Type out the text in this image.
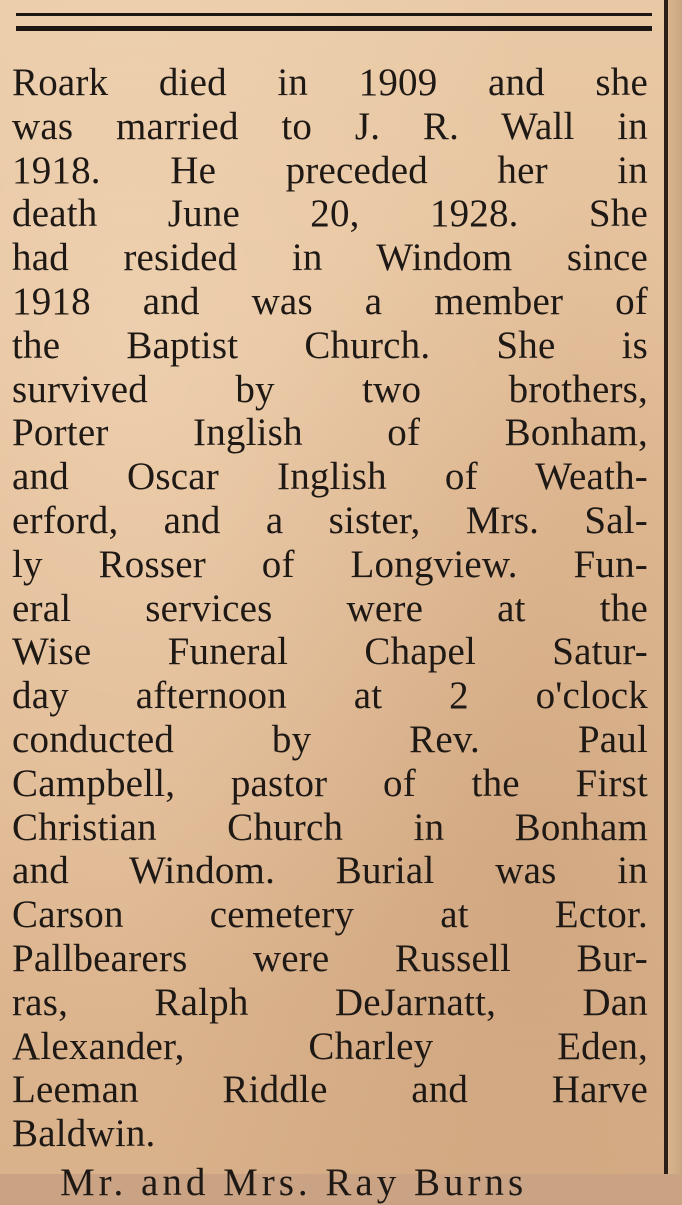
Roark died in 1909 and she
was married to J. R. Wall in
1918. He preceded her in
death June 20, 1928. She
had resided in Windom since
1918 and was a member of
the Baptist Church. She is
survived by two brothers,
Porter Inglish of Bonham,
and Oscar Inglish of Weath-
erford, and a sister, Mrs. Sal-
ly Rosser of Longview. Fun-
eral services were at the
Wise Funeral Chapel Satur-
day afternoon at 2 o'clock
conducted by Rev. Paul
Campbell, pastor of the First
Christian Church in Bonham
and Windom. Burial was in
Carson cemetery at Ector.
Pallbearers were Russell Bur-
ras, Ralph DeJarnatt, Dan
Alexander, Charley Eden,
Leeman Riddle and Harve
Baldwin.
Mr. and Mrs. Ray Burns
